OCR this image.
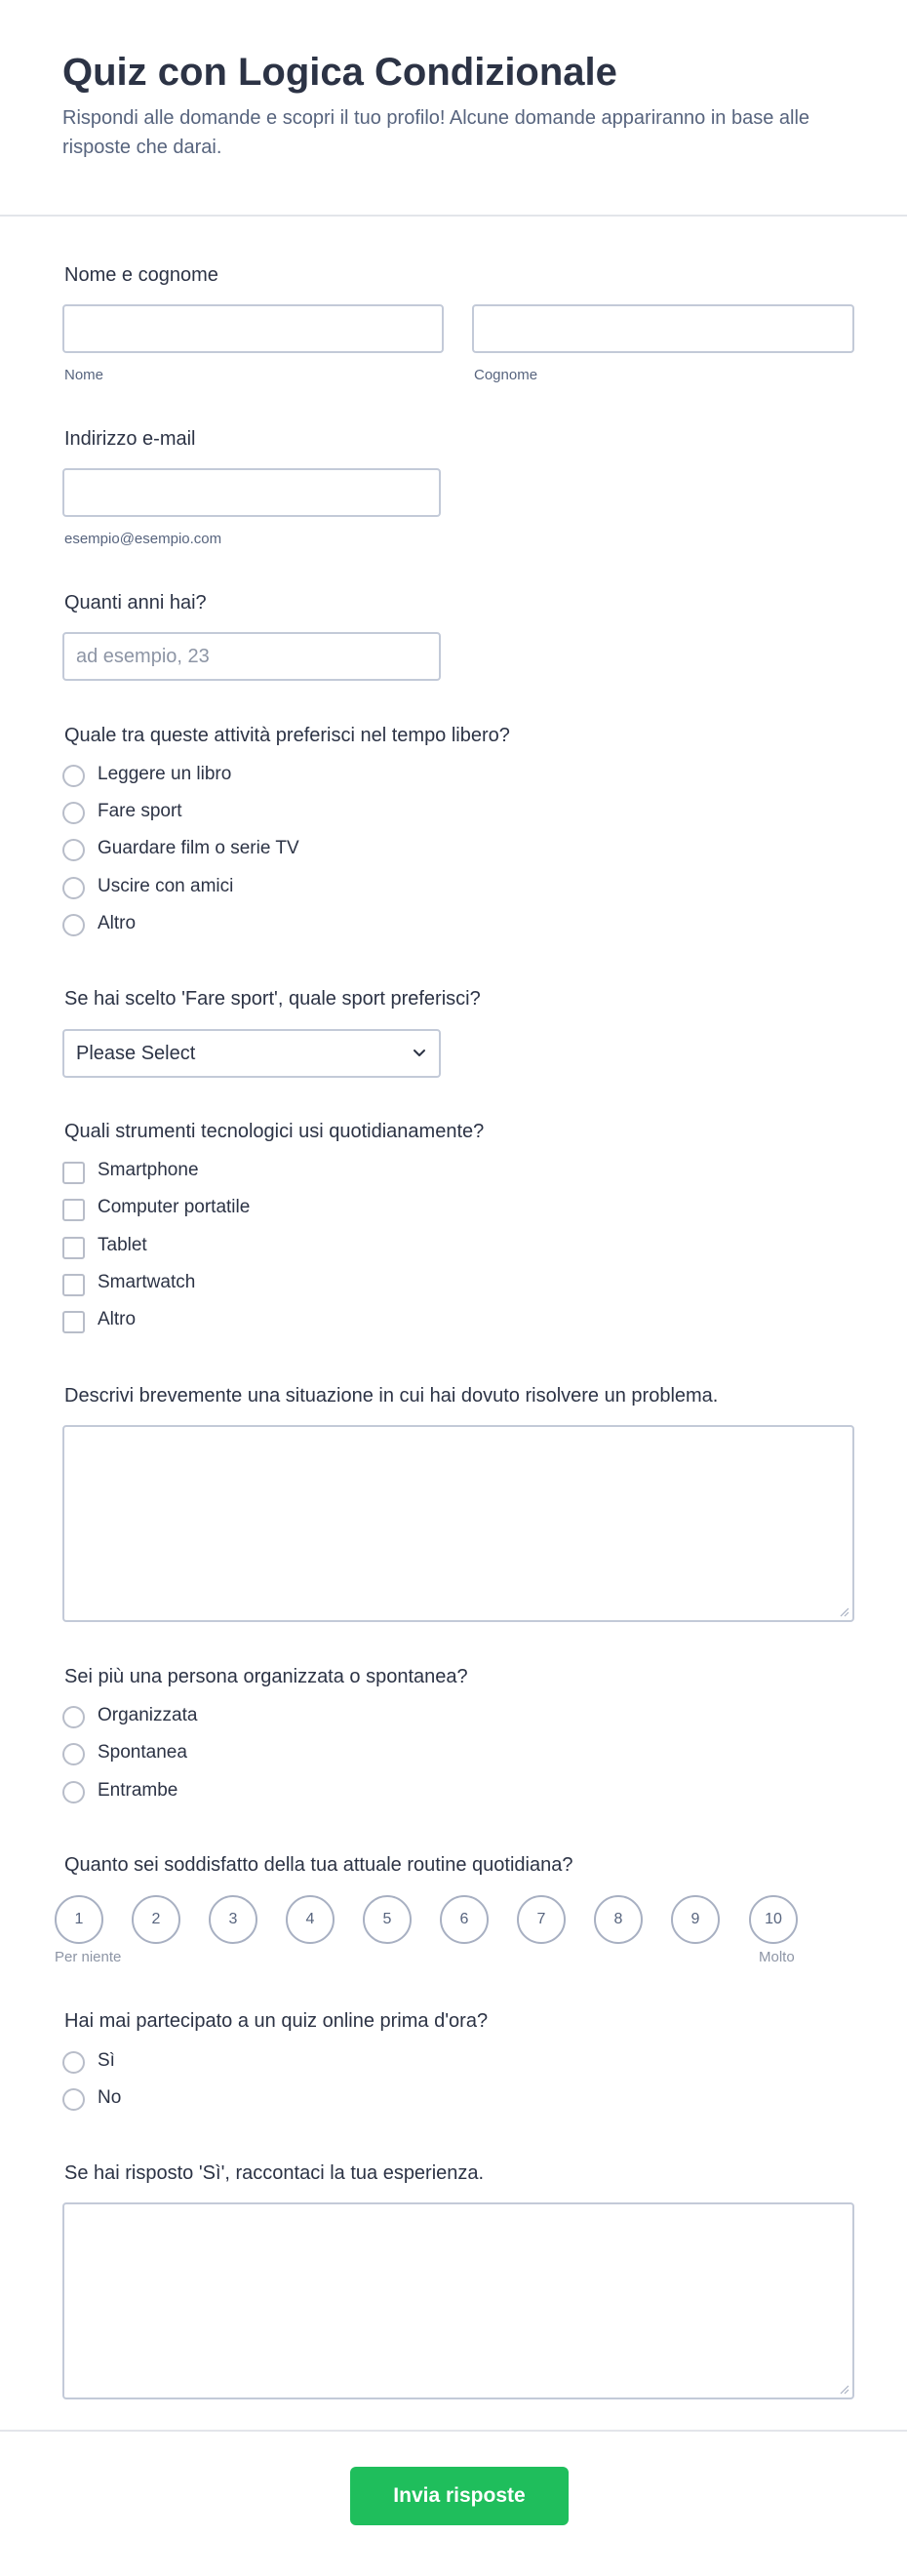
Quiz con Logica Condizionale

Rispondi alle domande e scopri il tuo profilo! Alcune domande appariranno in base alle risposte che darai.

Nome e cognome
Nome	Cognome
Indirizzo e-mail
esempio@esempio.com
Quanti anni hai?
ad esempio, 23
Quale tra queste attività preferisci nel tempo libero?
Leggere un libro
Fare sport
Guardare film o serie TV
Uscire con amici
Altro
Se hai scelto 'Fare sport', quale sport preferisci?
Please Select
Quali strumenti tecnologici usi quotidianamente?
Smartphone
Computer portatile
Tablet
Smartwatch
Altro
Descrivi brevemente una situazione in cui hai dovuto risolvere un problema.
Sei più una persona organizzata o spontanea?
Organizzata
Spontanea
Entrambe
Quanto sei soddisfatto della tua attuale routine quotidiana?
1	2	3	4	5	6	7	8	9	10
Per niente	Molto
Hai mai partecipato a un quiz online prima d'ora?
Sì
No
Se hai risposto 'Sì', raccontaci la tua esperienza.
Invia risposte
